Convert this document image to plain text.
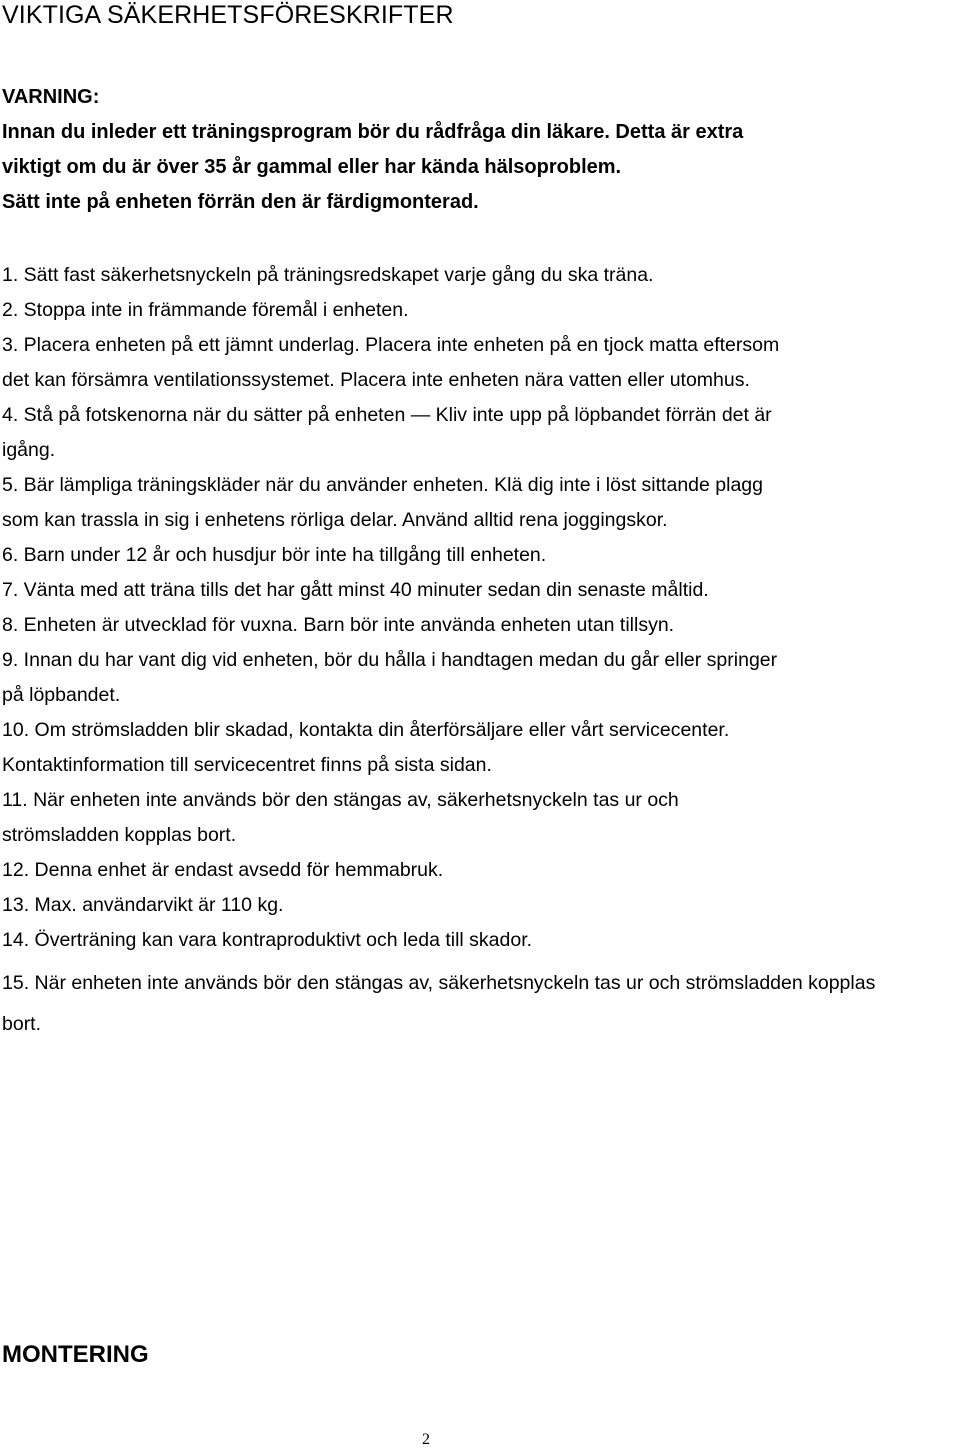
VIKTIGA SÄKERHETSFÖRESKRIFTER
VARNING:
Innan du inleder ett träningsprogram bör du rådfråga din läkare. Detta är extra
viktigt om du är över 35 år gammal eller har kända hälsoproblem.
Sätt inte på enheten förrän den är färdigmonterad.
1. Sätt fast säkerhetsnyckeln på träningsredskapet varje gång du ska träna.
2. Stoppa inte in främmande föremål i enheten.
3. Placera enheten på ett jämnt underlag. Placera inte enheten på en tjock matta eftersom
det kan försämra ventilationssystemet. Placera inte enheten nära vatten eller utomhus.
4. Stå på fotskenorna när du sätter på enheten — Kliv inte upp på löpbandet förrän det är
igång.
5. Bär lämpliga träningskläder när du använder enheten. Klä dig inte i löst sittande plagg
som kan trassla in sig i enhetens rörliga delar. Använd alltid rena joggingskor.
6. Barn under 12 år och husdjur bör inte ha tillgång till enheten.
7. Vänta med att träna tills det har gått minst 40 minuter sedan din senaste måltid.
8. Enheten är utvecklad för vuxna. Barn bör inte använda enheten utan tillsyn.
9. Innan du har vant dig vid enheten, bör du hålla i handtagen medan du går eller springer
på löpbandet.
10. Om strömsladden blir skadad, kontakta din återförsäljare eller vårt servicecenter.
Kontaktinformation till servicecentret finns på sista sidan.
11. När enheten inte används bör den stängas av, säkerhetsnyckeln tas ur och
strömsladden kopplas bort.
12. Denna enhet är endast avsedd för hemmabruk.
13. Max. användarvikt är 110 kg.
14. Överträning kan vara kontraproduktivt och leda till skador.
15. När enheten inte används bör den stängas av, säkerhetsnyckeln tas ur och strömsladden kopplas
bort.
MONTERING
2
